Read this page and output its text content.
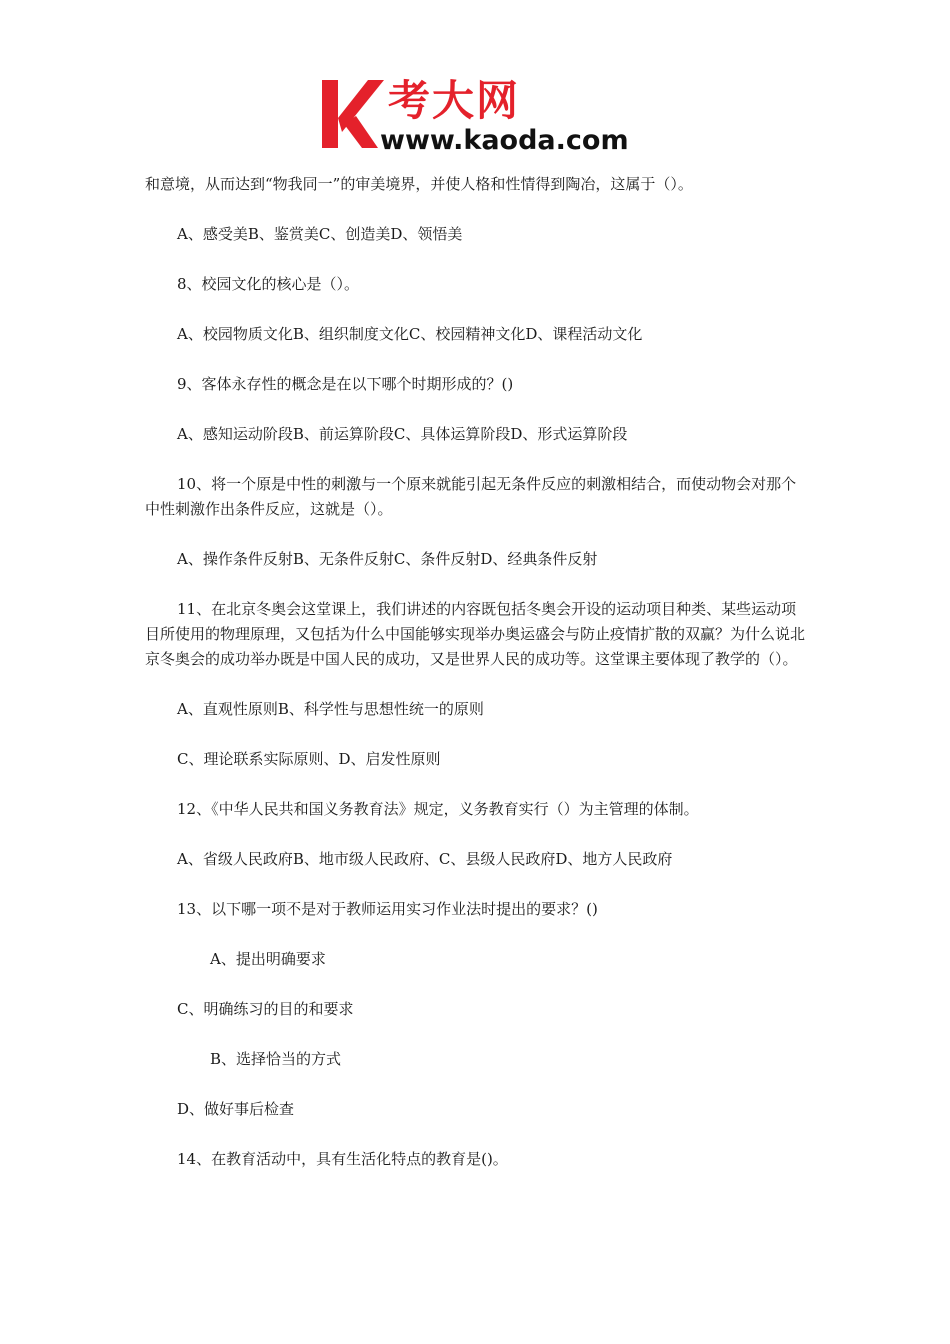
考大网
www.kaoda.com

和意境，从而达到“物我同一”的审美境界，并使人格和性情得到陶冶，这属于（）。

A、感受美B、鉴赏美C、创造美D、领悟美

8、校园文化的核心是（）。

A、校园物质文化B、组织制度文化C、校园精神文化D、课程活动文化

9、客体永存性的概念是在以下哪个时期形成的？()

A、感知运动阶段B、前运算阶段C、具体运算阶段D、形式运算阶段

10、将一个原是中性的刺激与一个原来就能引起无条件反应的刺激相结合，而使动物会对那个中性刺激作出条件反应，这就是（）。

A、操作条件反射B、无条件反射C、条件反射D、经典条件反射

11、在北京冬奥会这堂课上，我们讲述的内容既包括冬奥会开设的运动项目种类、某些运动项目所使用的物理原理，又包括为什么中国能够实现举办奥运盛会与防止疫情扩散的双赢？为什么说北京冬奥会的成功举办既是中国人民的成功，又是世界人民的成功等。这堂课主要体现了教学的（）。

A、直观性原则B、科学性与思想性统一的原则

C、理论联系实际原则、D、启发性原则

12、《中华人民共和国义务教育法》规定，义务教育实行（）为主管理的体制。

A、省级人民政府B、地市级人民政府、C、县级人民政府D、地方人民政府

13、以下哪一项不是对于教师运用实习作业法时提出的要求？()

A、提出明确要求

C、明确练习的目的和要求

B、选择恰当的方式

D、做好事后检查

14、在教育活动中，具有生活化特点的教育是()。
